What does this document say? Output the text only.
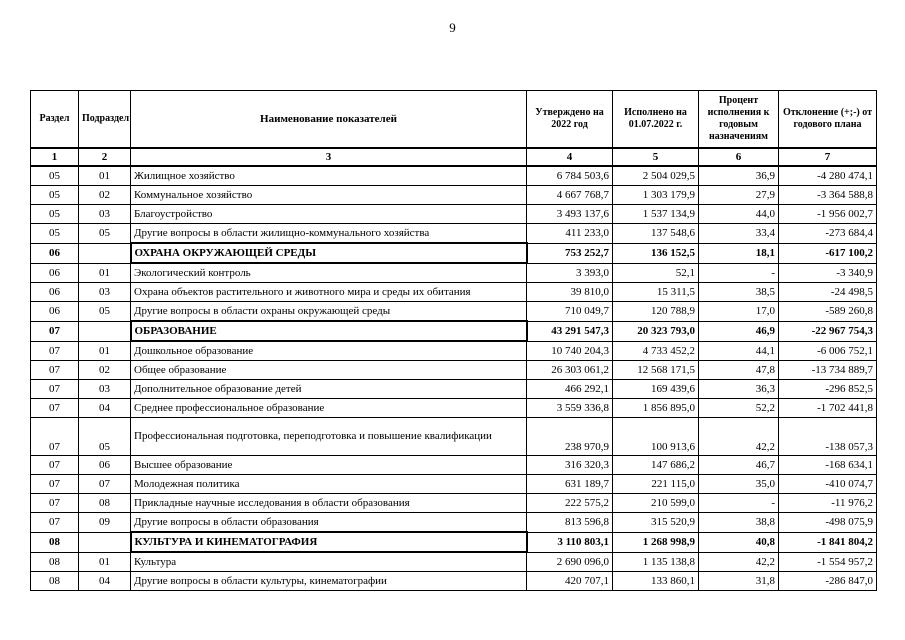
9
Раздел	Подраздел	Наименование показателей	Утверждено на 2022 год	Исполнено на 01.07.2022 г.	Процент исполнения к годовым назначениям	Отклонение (+;-) от годового плана
1	2	3	4	5	6	7
05	01	Жилищное хозяйство	6 784 503,6	2 504 029,5	36,9	-4 280 474,1
05	02	Коммунальное хозяйство	4 667 768,7	1 303 179,9	27,9	-3 364 588,8
05	03	Благоустройство	3 493 137,6	1 537 134,9	44,0	-1 956 002,7
05	05	Другие вопросы в области жилищно-коммунального хозяйства	411 233,0	137 548,6	33,4	-273 684,4
06		ОХРАНА ОКРУЖАЮЩЕЙ СРЕДЫ	753 252,7	136 152,5	18,1	-617 100,2
06	01	Экологический контроль	3 393,0	52,1	-	-3 340,9
06	03	Охрана объектов растительного и животного мира и среды их обитания	39 810,0	15 311,5	38,5	-24 498,5
06	05	Другие вопросы в области охраны окружающей среды	710 049,7	120 788,9	17,0	-589 260,8
07		ОБРАЗОВАНИЕ	43 291 547,3	20 323 793,0	46,9	-22 967 754,3
07	01	Дошкольное образование	10 740 204,3	4 733 452,2	44,1	-6 006 752,1
07	02	Общее образование	26 303 061,2	12 568 171,5	47,8	-13 734 889,7
07	03	Дополнительное образование детей	466 292,1	169 439,6	36,3	-296 852,5
07	04	Среднее профессиональное образование	3 559 336,8	1 856 895,0	52,2	-1 702 441,8
07	05	Профессиональная подготовка, переподготовка и повышение квалификации	238 970,9	100 913,6	42,2	-138 057,3
07	06	Высшее образование	316 320,3	147 686,2	46,7	-168 634,1
07	07	Молодежная политика	631 189,7	221 115,0	35,0	-410 074,7
07	08	Прикладные научные исследования в области образования	222 575,2	210 599,0	-	-11 976,2
07	09	Другие вопросы в области образования	813 596,8	315 520,9	38,8	-498 075,9
08		КУЛЬТУРА И КИНЕМАТОГРАФИЯ	3 110 803,1	1 268 998,9	40,8	-1 841 804,2
08	01	Культура	2 690 096,0	1 135 138,8	42,2	-1 554 957,2
08	04	Другие вопросы в области культуры, кинематографии	420 707,1	133 860,1	31,8	-286 847,0
